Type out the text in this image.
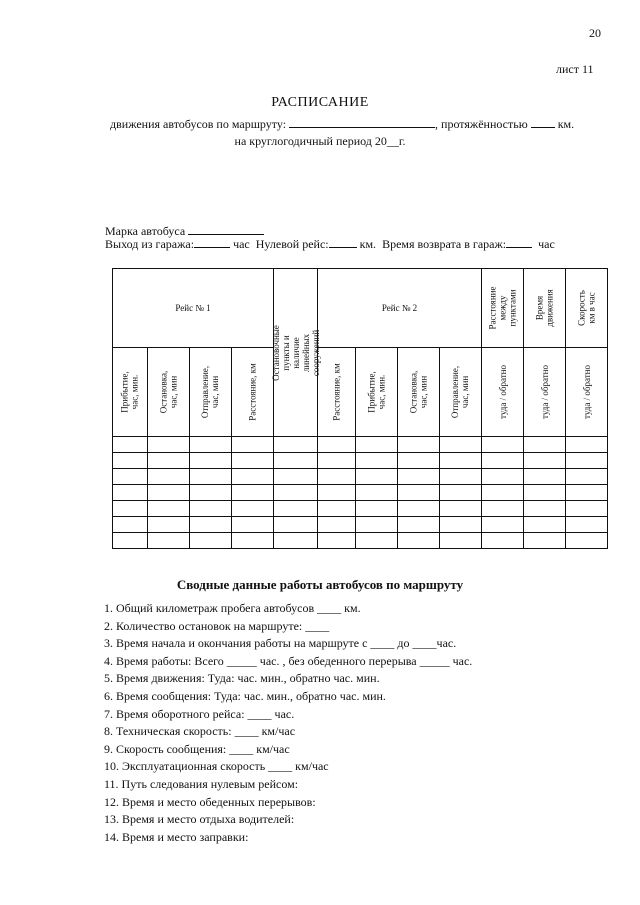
20
лист 11
РАСПИСАНИЕ
движения автобусов по маршруту:	, протяжённостью	км.
на круглогодичный период 20__г.
Марка автобуса
Выход из гаража:	час Нулевой рейс:	км. Время возврата в гараж:	час
Рейс № 1				Остановочные пункты и наличие линейных сооружений	Рейс № 2				Расстояние между пунктами	Время движения	Скорость км в час

Прибытие, час, мин.	Остановка, час, мин	Отправление, час, мин	Расстояние, км		Расстояние, км	Прибытие, час, мин.	Остановка, час, мин	Отправление, час, мин	туда / обратно	туда / обратно	туда / обратно

Сводные данные работы автобусов по маршруту
1. Общий километраж пробега автобусов ____ км.
2. Количество остановок на маршруте: ____
3. Время начала и окончания работы на маршруте с ____ до ____час.
4. Время работы: Всего _____ час. , без обеденного перерыва _____ час.
5. Время движения: Туда: час. мин., обратно час. мин.
6. Время сообщения: Туда: час. мин., обратно час. мин.
7. Время оборотного рейса: ____ час.
8. Техническая скорость: ____ км/час
9. Скорость сообщения: ____ км/час
10. Эксплуатационная скорость ____ км/час
11. Путь следования нулевым рейсом:
12. Время и место обеденных перерывов:
13. Время и место отдыха водителей:
14. Время и место заправки:
